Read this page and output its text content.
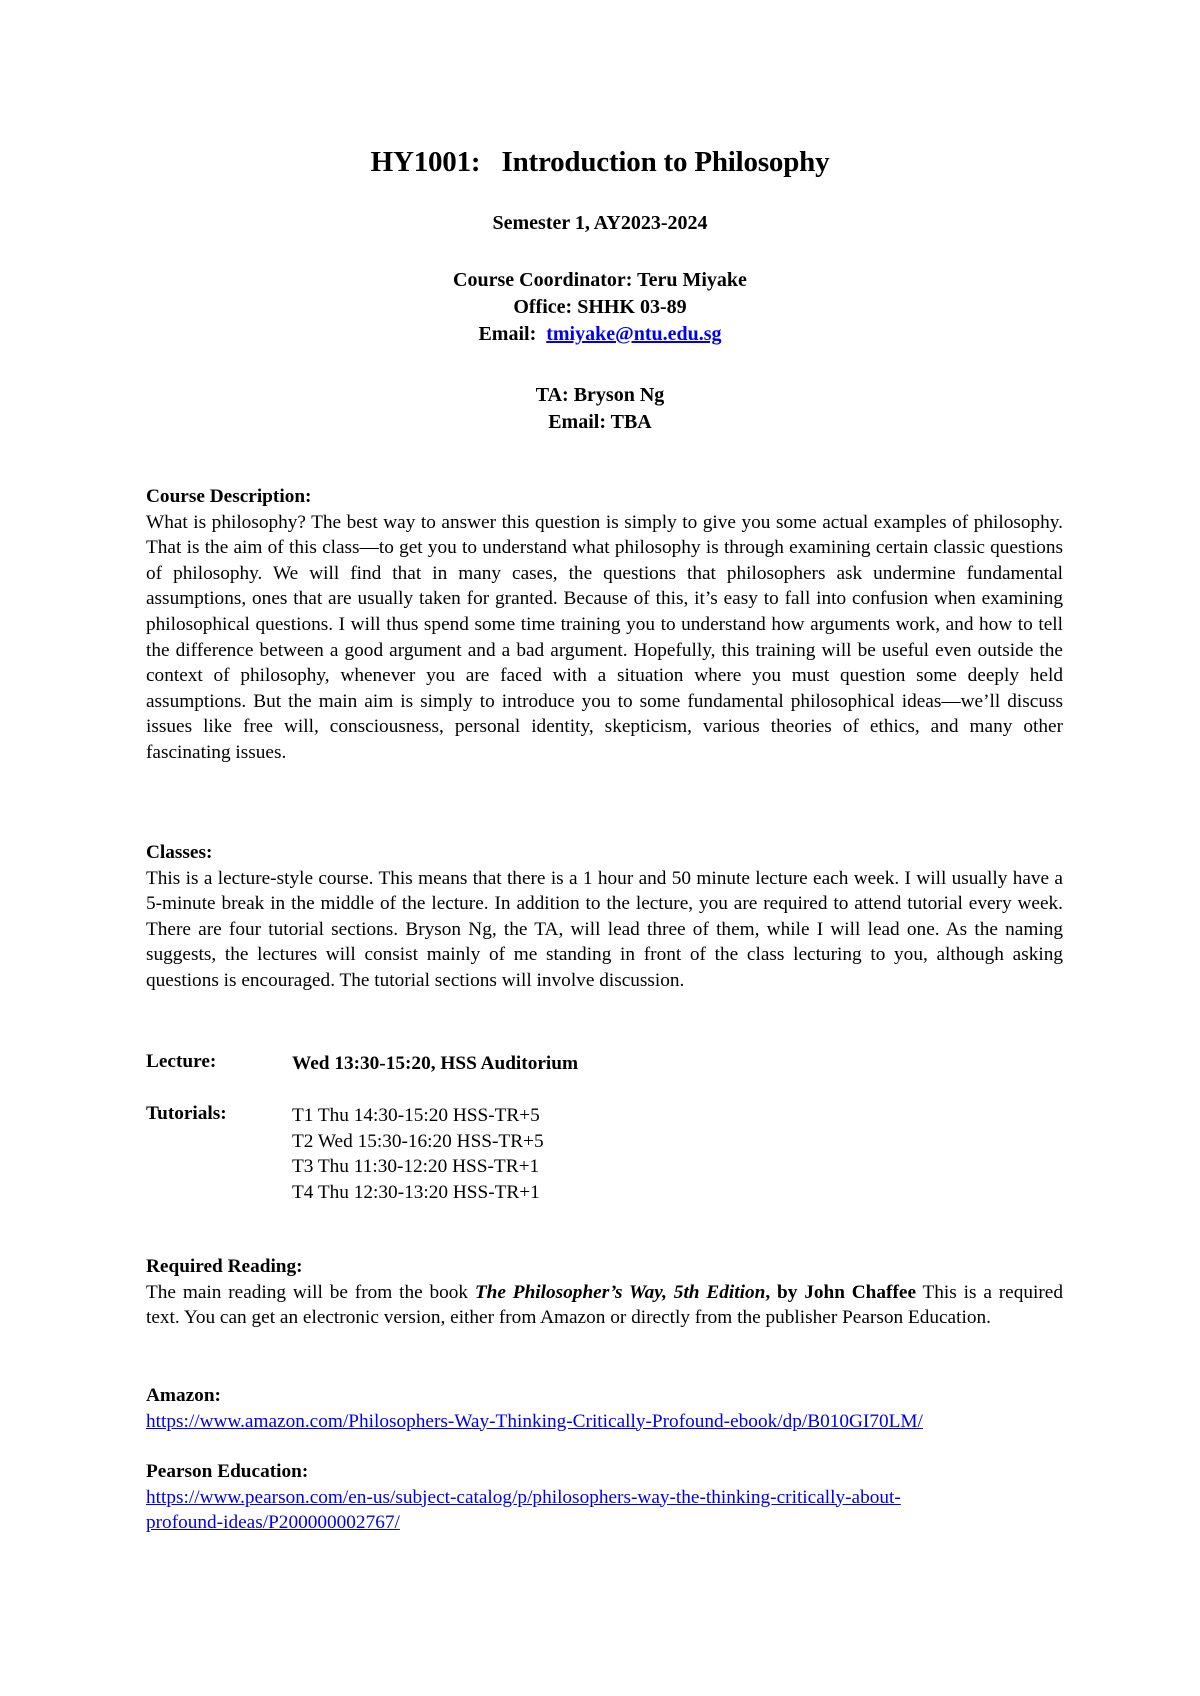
HY1001:   Introduction to Philosophy
Semester 1, AY2023-2024
Course Coordinator: Teru Miyake
Office: SHHK 03-89
Email: tmiyake@ntu.edu.sg
TA: Bryson Ng
Email: TBA
Course Description:
What is philosophy? The best way to answer this question is simply to give you some actual examples of philosophy. That is the aim of this class—to get you to understand what philosophy is through examining certain classic questions of philosophy. We will find that in many cases, the questions that philosophers ask undermine fundamental assumptions, ones that are usually taken for granted. Because of this, it’s easy to fall into confusion when examining philosophical questions. I will thus spend some time training you to understand how arguments work, and how to tell the difference between a good argument and a bad argument. Hopefully, this training will be useful even outside the context of philosophy, whenever you are faced with a situation where you must question some deeply held assumptions. But the main aim is simply to introduce you to some fundamental philosophical ideas—we’ll discuss issues like free will, consciousness, personal identity, skepticism, various theories of ethics, and many other fascinating issues.
Classes:
This is a lecture-style course. This means that there is a 1 hour and 50 minute lecture each week. I will usually have a 5-minute break in the middle of the lecture. In addition to the lecture, you are required to attend tutorial every week. There are four tutorial sections. Bryson Ng, the TA, will lead three of them, while I will lead one. As the naming suggests, the lectures will consist mainly of me standing in front of the class lecturing to you, although asking questions is encouraged. The tutorial sections will involve discussion.
Lecture:	Wed 13:30-15:20, HSS Auditorium
Tutorials:	T1 Thu 14:30-15:20 HSS-TR+5
T2 Wed 15:30-16:20 HSS-TR+5
T3 Thu 11:30-12:20 HSS-TR+1
T4 Thu 12:30-13:20 HSS-TR+1
Required Reading:
The main reading will be from the book The Philosopher’s Way, 5th Edition, by John Chaffee This is a required text. You can get an electronic version, either from Amazon or directly from the publisher Pearson Education.
Amazon:
https://www.amazon.com/Philosophers-Way-Thinking-Critically-Profound-ebook/dp/B010GI70LM/
Pearson Education:
https://www.pearson.com/en-us/subject-catalog/p/philosophers-way-the-thinking-critically-about-
profound-ideas/P200000002767/
